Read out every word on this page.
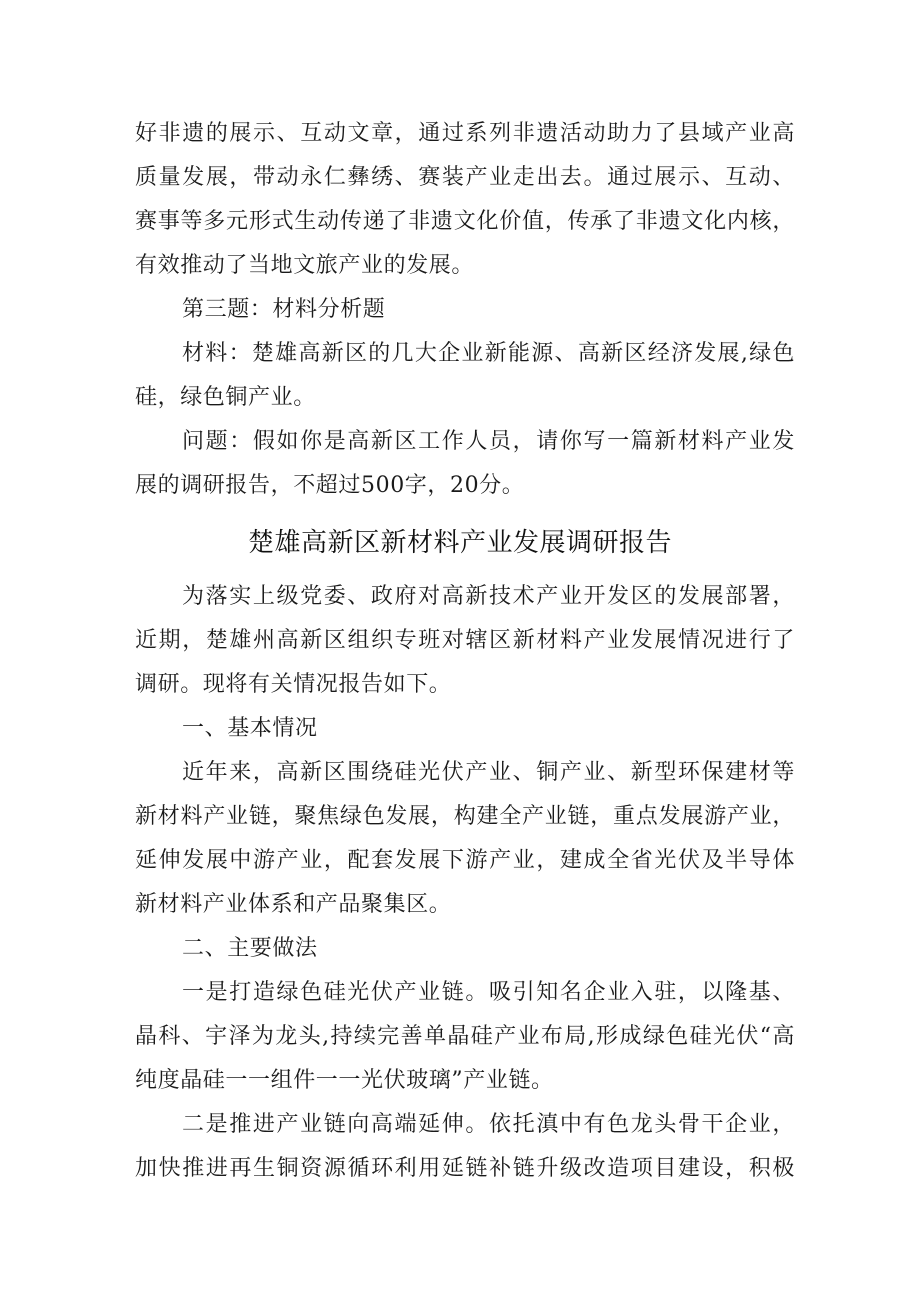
好非遗的展示、互动文章，通过系列非遗活动助力了县域产业高
质量发展，带动永仁彝绣、赛装产业走出去。通过展示、互动、
赛事等多元形式生动传递了非遗文化价值，传承了非遗文化内核，
有效推动了当地文旅产业的发展。
第三题：材料分析题
材料：楚雄高新区的几大企业新能源、高新区经济发展,绿色
硅，绿色铜产业。
问题：假如你是高新区工作人员，请你写一篇新材料产业发
展的调研报告，不超过500字，20分。
楚雄高新区新材料产业发展调研报告
为落实上级党委、政府对高新技术产业开发区的发展部署，
近期，楚雄州高新区组织专班对辖区新材料产业发展情况进行了
调研。现将有关情况报告如下。
一、基本情况
近年来，高新区围绕硅光伏产业、铜产业、新型环保建材等
新材料产业链，聚焦绿色发展，构建全产业链，重点发展游产业，
延伸发展中游产业，配套发展下游产业，建成全省光伏及半导体
新材料产业体系和产品聚集区。
二、主要做法
一是打造绿色硅光伏产业链。吸引知名企业入驻，以隆基、
晶科、宇泽为龙头,持续完善单晶硅产业布局,形成绿色硅光伏“高
纯度晶硅一一组件一一光伏玻璃”产业链。
二是推进产业链向高端延伸。依托滇中有色龙头骨干企业，
加快推进再生铜资源循环利用延链补链升级改造项目建设，积极
